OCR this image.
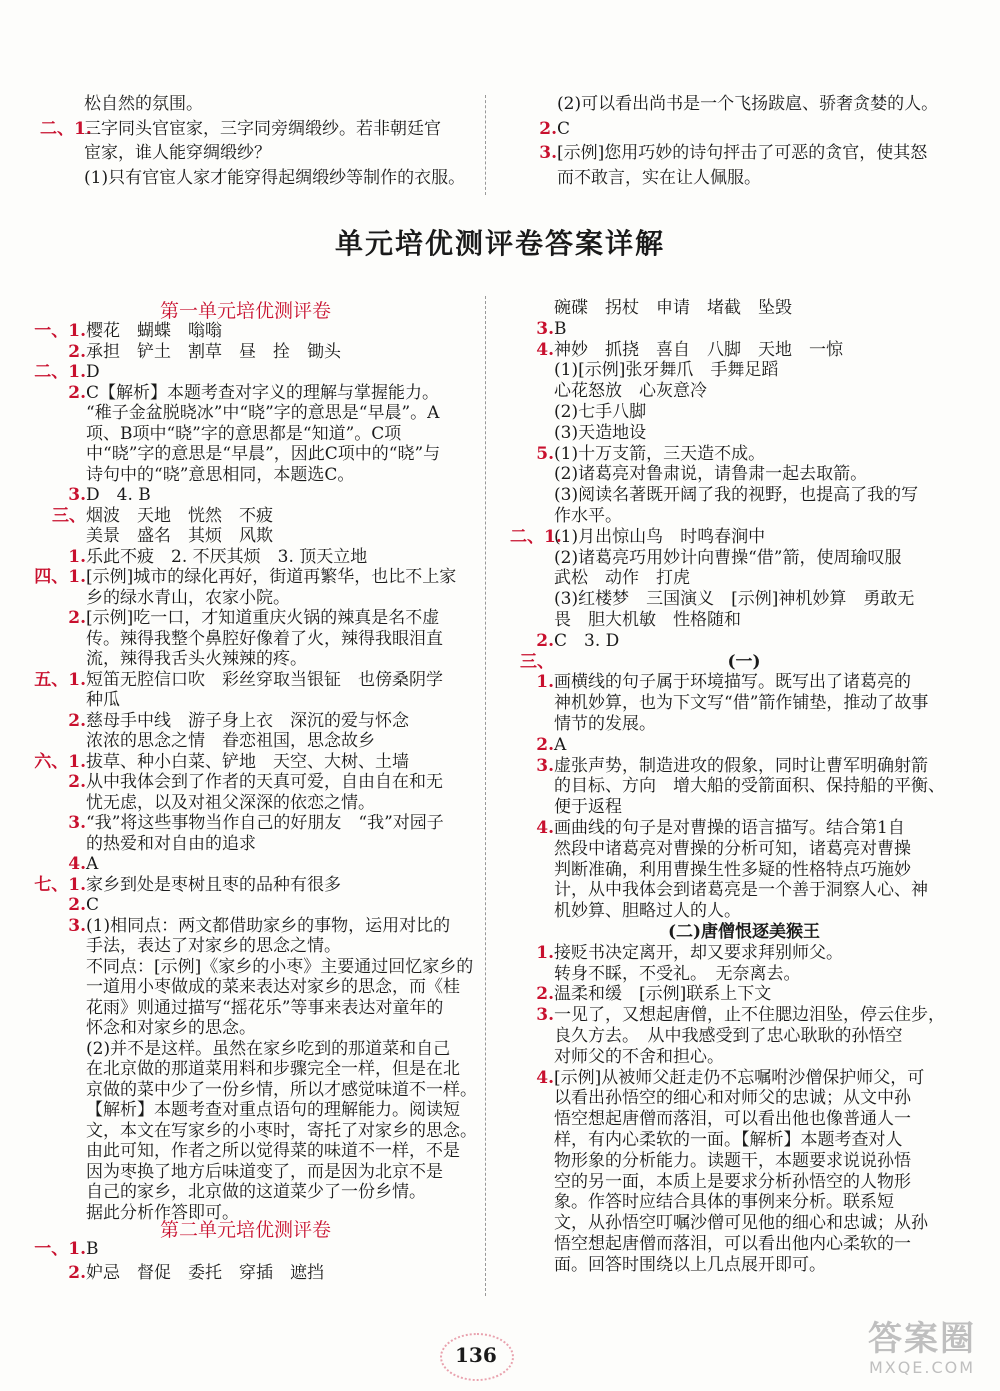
松自然的氛围。
二、1.三字同头官宦家，三字同旁绸缎纱。若非朝廷官
宦家，谁人能穿绸缎纱？
(1)只有官宦人家才能穿得起绸缎纱等制作的衣服。
(2)可以看出尚书是一个飞扬跋扈、骄奢贪婪的人。
2.C
3.[示例]您用巧妙的诗句抨击了可恶的贪官，使其怒
而不敢言，实在让人佩服。
单元培优测评卷答案详解
第一单元培优测评卷
一、1.樱花　蝴蝶　嗡嗡
2.承担　铲土　割草　昼　拴　锄头
二、1.D
2.C【解析】本题考查对字义的理解与掌握能力。
“稚子金盆脱晓冰”中“晓”字的意思是“早晨”。A
项、B项中“晓”字的意思都是“知道”。C项
中“晓”字的意思是“早晨”，因此C项中的“晓”与
诗句中的“晓”意思相同，本题选C。
3.D　4. B
三、烟波　天地　恍然　不疲
美景　盛名　其烦　风欺
1.乐此不疲　2. 不厌其烦　3. 顶天立地
四、1.[示例]城市的绿化再好，街道再繁华，也比不上家
乡的绿水青山，农家小院。
2.[示例]吃一口，才知道重庆火锅的辣真是名不虚
传。辣得我整个鼻腔好像着了火，辣得我眼泪直
流，辣得我舌头火辣辣的疼。
五、1.短笛无腔信口吹　彩丝穿取当银钲　也傍桑阴学
种瓜
2.慈母手中线　游子身上衣　深沉的爱与怀念
浓浓的思念之情　眷恋祖国，思念故乡
六、1.拔草、种小白菜、铲地　天空、大树、土墙
2.从中我体会到了作者的天真可爱，自由自在和无
忧无虑，以及对祖父深深的依恋之情。
3.“我”将这些事物当作自己的好朋友　“我”对园子
的热爱和对自由的追求
4.A
七、1.家乡到处是枣树且枣的品种有很多
2.C
3.(1)相同点：两文都借助家乡的事物，运用对比的
手法，表达了对家乡的思念之情。
不同点：[示例]《家乡的小枣》主要通过回忆家乡的
一道用小枣做成的菜来表达对家乡的思念，而《桂
花雨》则通过描写“摇花乐”等事来表达对童年的
怀念和对家乡的思念。
(2)并不是这样。虽然在家乡吃到的那道菜和自己
在北京做的那道菜用料和步骤完全一样，但是在北
京做的菜中少了一份乡情，所以才感觉味道不一样。
【解析】本题考查对重点语句的理解能力。阅读短
文，本文在写家乡的小枣时，寄托了对家乡的思念。
由此可知，作者之所以觉得菜的味道不一样，不是
因为枣换了地方后味道变了，而是因为北京不是
自己的家乡，北京做的这道菜少了一份乡情。
据此分析作答即可。
第二单元培优测评卷
一、1.B
2.妒忌　督促　委托　穿插　遮挡
碗碟　拐杖　申请　堵截　坠毁
3.B
4.神妙　抓挠　喜自　八脚　天地　一惊
(1)[示例]张牙舞爪　手舞足蹈
心花怒放　心灰意冷
(2)七手八脚
(3)天造地设
5.(1)十万支箭，三天造不成。
(2)诸葛亮对鲁肃说，请鲁肃一起去取箭。
(3)阅读名著既开阔了我的视野，也提高了我的写
作水平。
二、1.(1)月出惊山鸟　时鸣春涧中
(2)诸葛亮巧用妙计向曹操“借”箭，使周瑜叹服
武松　动作　打虎
(3)红楼梦　三国演义　[示例]神机妙算　勇敢无
畏　胆大机敏　性格随和
2.C　3. D
三、	(一)
1.画横线的句子属于环境描写。既写出了诸葛亮的
神机妙算，也为下文写“借”箭作铺垫，推动了故事
情节的发展。
2.A
3.虚张声势，制造进攻的假象，同时让曹军明确射箭
的目标、方向　增大船的受箭面积、保持船的平衡、
便于返程
4.画曲线的句子是对曹操的语言描写。结合第1自
然段中诸葛亮对曹操的分析可知，诸葛亮对曹操
判断准确，利用曹操生性多疑的性格特点巧施妙
计，从中我体会到诸葛亮是一个善于洞察人心、神
机妙算、胆略过人的人。
(二)唐僧恨逐美猴王
1.接贬书决定离开，却又要求拜别师父。
转身不睬，不受礼。　无奈离去。
2.温柔和缓　[示例]联系上下文
3.一见了，又想起唐僧，止不住腮边泪坠，停云住步，
良久方去。　从中我感受到了忠心耿耿的孙悟空
对师父的不舍和担心。
4.[示例]从被师父赶走仍不忘嘱咐沙僧保护师父，可
以看出孙悟空的细心和对师父的忠诚；从文中孙
悟空想起唐僧而落泪，可以看出他也像普通人一
样，有内心柔软的一面。【解析】本题考查对人
物形象的分析能力。读题干，本题要求说说孙悟
空的另一面，本质上是要求分析孙悟空的人物形
象。作答时应结合具体的事例来分析。联系短
文，从孙悟空叮嘱沙僧可见他的细心和忠诚；从孙
悟空想起唐僧而落泪，可以看出他内心柔软的一
面。回答时围绕以上几点展开即可。
136	答案圈
MXQE.COM
